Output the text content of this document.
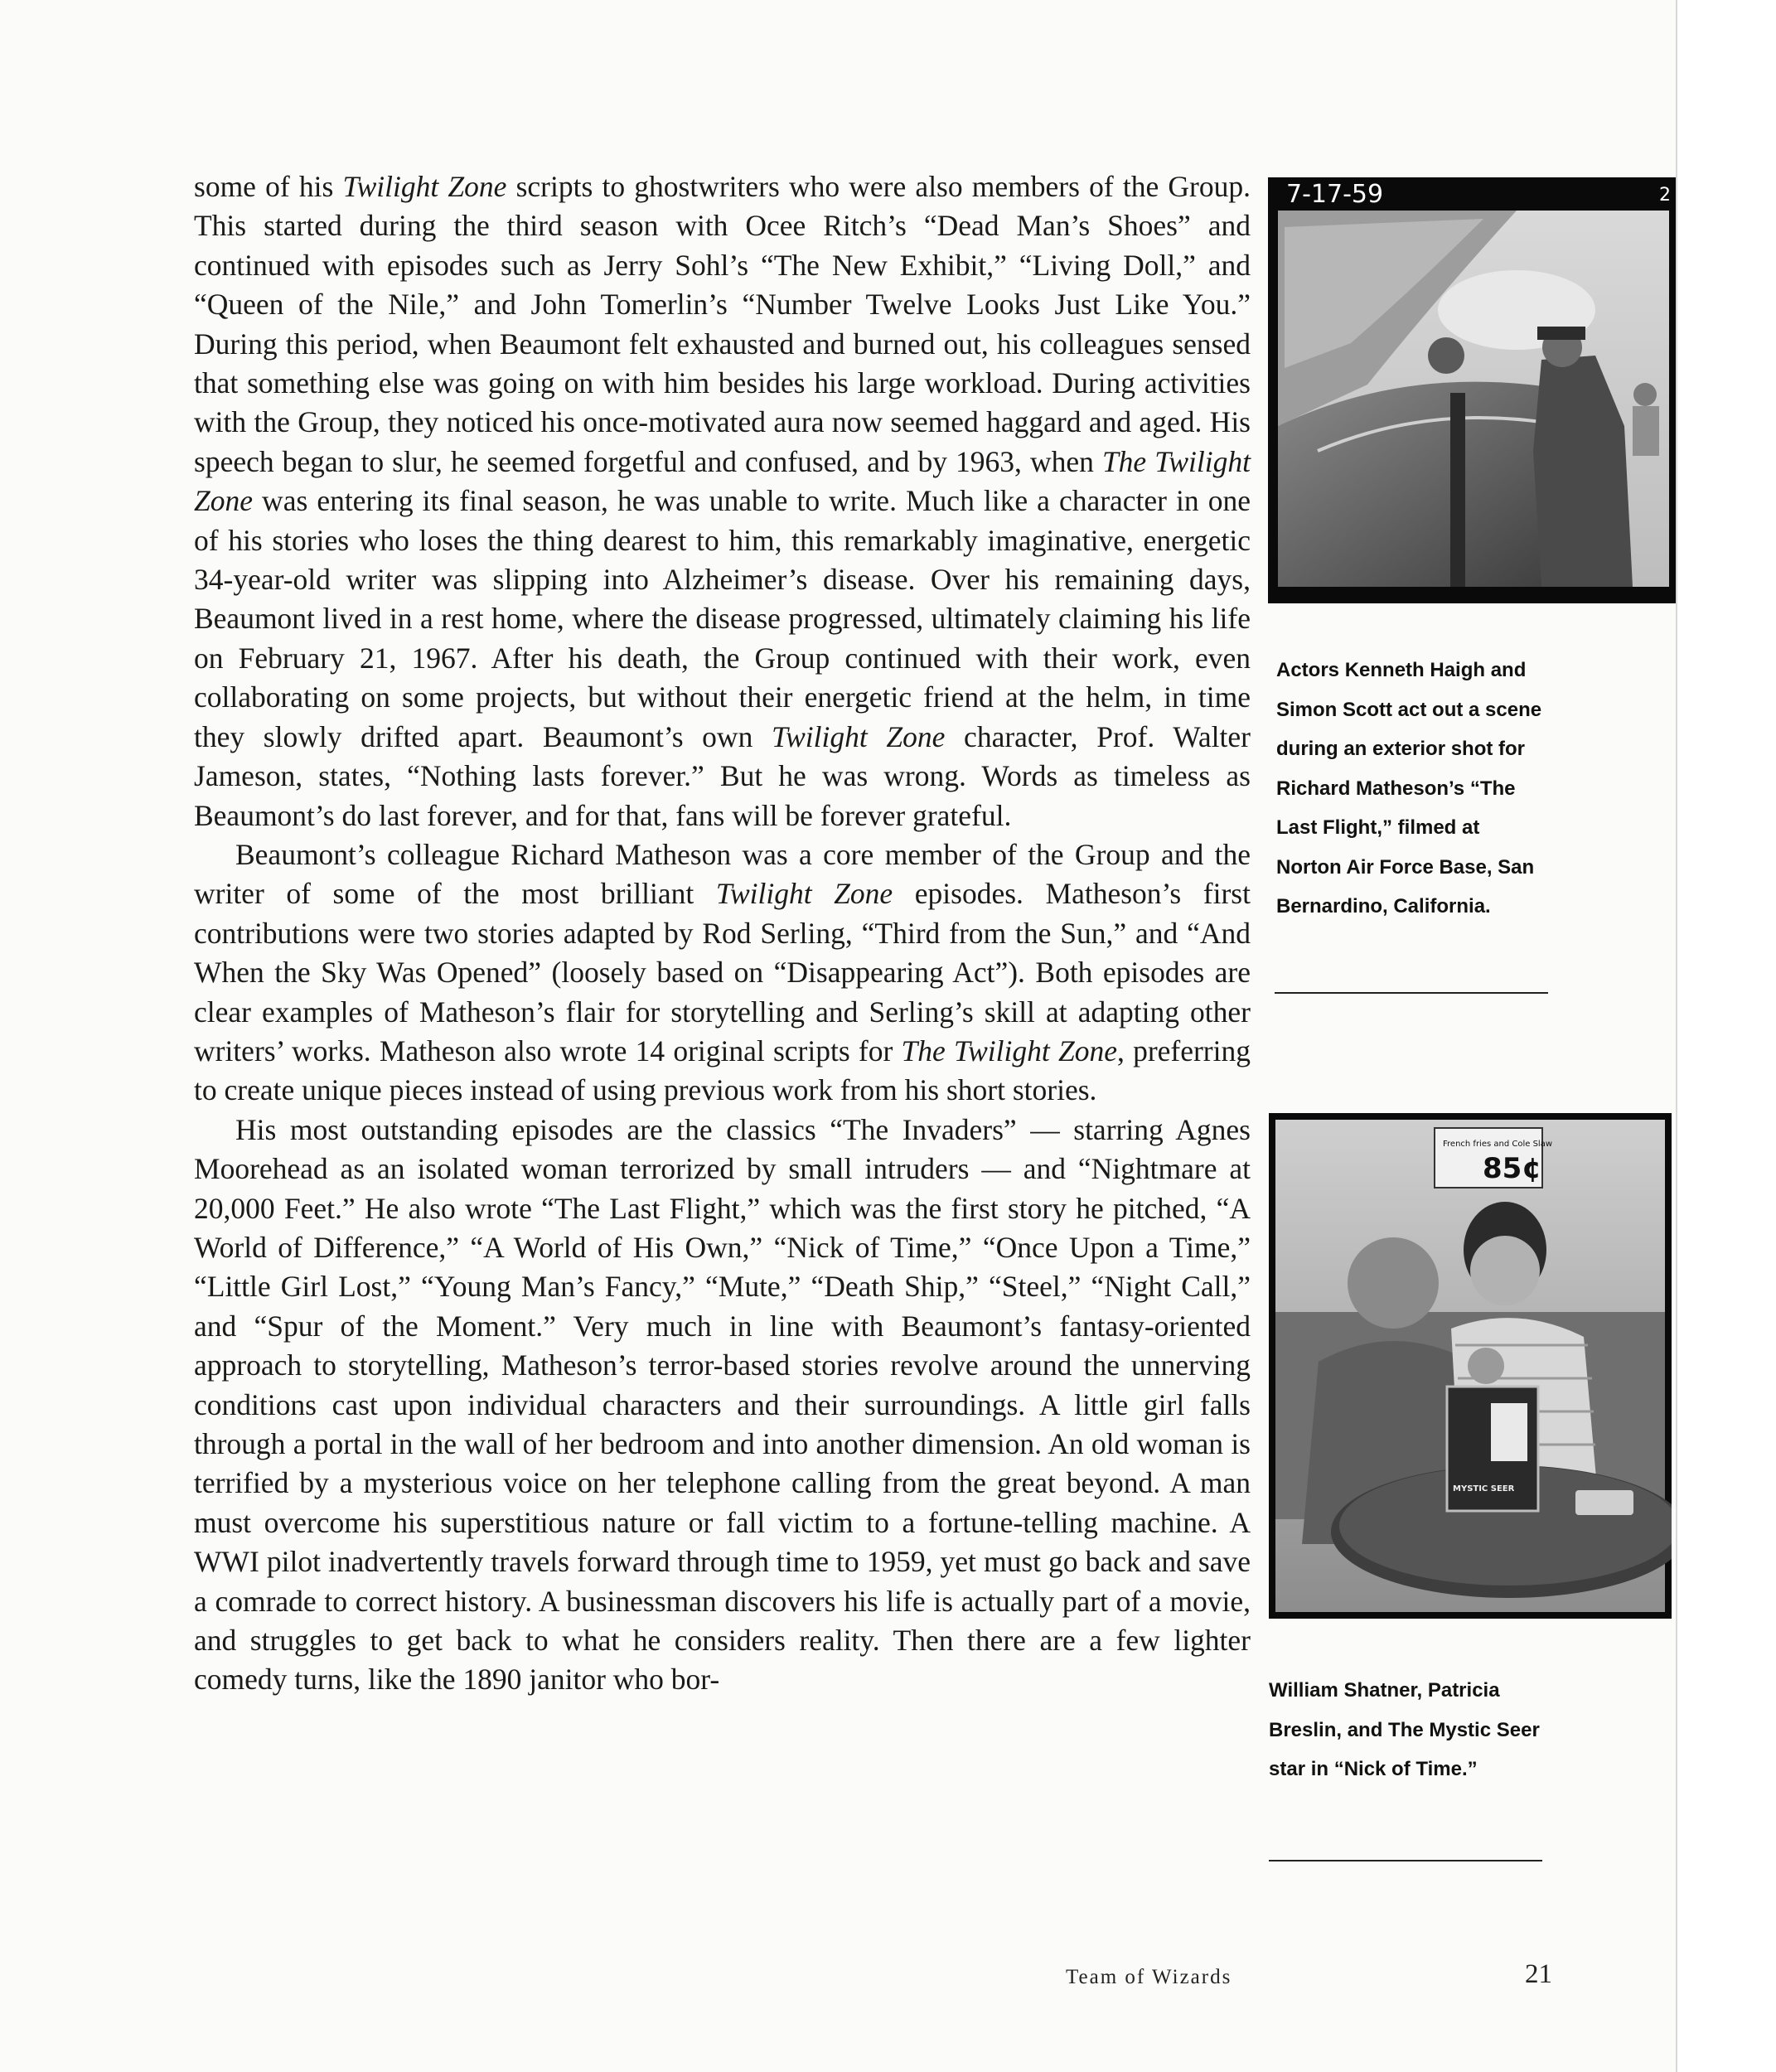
some of his Twilight Zone scripts to ghostwriters who were also members of the Group. This started during the third season with Ocee Ritch’s “Dead Man’s Shoes” and continued with episodes such as Jerry Sohl’s “The New Exhibit,” “Living Doll,” and “Queen of the Nile,” and John Tomerlin’s “Number Twelve Looks Just Like You.” During this period, when Beaumont felt exhausted and burned out, his colleagues sensed that something else was going on with him besides his large workload. During activities with the Group, they noticed his once-motivated aura now seemed haggard and aged. His speech began to slur, he seemed forgetful and confused, and by 1963, when The Twilight Zone was entering its final season, he was unable to write. Much like a character in one of his stories who loses the thing dearest to him, this remarkably imaginative, energetic 34-year-old writer was slipping into Alzheimer’s disease. Over his remaining days, Beaumont lived in a rest home, where the disease progressed, ultimately claiming his life on February 21, 1967. After his death, the Group continued with their work, even collaborating on some projects, but without their energetic friend at the helm, in time they slowly drifted apart. Beaumont’s own Twilight Zone character, Prof. Walter Jameson, states, “Nothing lasts forever.” But he was wrong. Words as timeless as Beaumont’s do last forever, and for that, fans will be forever grateful.

Beaumont’s colleague Richard Matheson was a core member of the Group and the writer of some of the most brilliant Twilight Zone episodes. Matheson’s first contributions were two stories adapted by Rod Serling, “Third from the Sun,” and “And When the Sky Was Opened” (loosely based on “Disappearing Act”). Both episodes are clear examples of Matheson’s flair for storytelling and Serling’s skill at adapting other writers’ works. Matheson also wrote 14 original scripts for The Twilight Zone, preferring to create unique pieces instead of using previous work from his short stories.

His most outstanding episodes are the classics “The Invaders” — starring Agnes Moorehead as an isolated woman terrorized by small intruders — and “Nightmare at 20,000 Feet.” He also wrote “The Last Flight,” which was the first story he pitched, “A World of Difference,” “A World of His Own,” “Nick of Time,” “Once Upon a Time,” “Little Girl Lost,” “Young Man’s Fancy,” “Mute,” “Death Ship,” “Steel,” “Night Call,” and “Spur of the Moment.” Very much in line with Beaumont’s fantasy-oriented approach to storytelling, Matheson’s terror-based stories revolve around the unnerving conditions cast upon individual characters and their surroundings. A little girl falls through a portal in the wall of her bedroom and into another dimension. An old woman is terrified by a mysterious voice on her telephone calling from the great beyond. A man must overcome his superstitious nature or fall victim to a fortune-telling machine. A WWI pilot inadvertently travels forward through time to 1959, yet must go back and save a comrade to correct history. A businessman discovers his life is actually part of a movie, and struggles to get back to what he considers reality. Then there are a few lighter comedy turns, like the 1890 janitor who bor-

7-17-59	2
Actors Kenneth Haigh and Simon Scott act out a scene during an exterior shot for Richard Matheson’s “The Last Flight,” filmed at Norton Air Force Base, San Bernardino, California.
French fries and Cole Slaw
85¢
MYSTIC SEER
William Shatner, Patricia Breslin, and The Mystic Seer star in “Nick of Time.”
Team of Wizards	21
